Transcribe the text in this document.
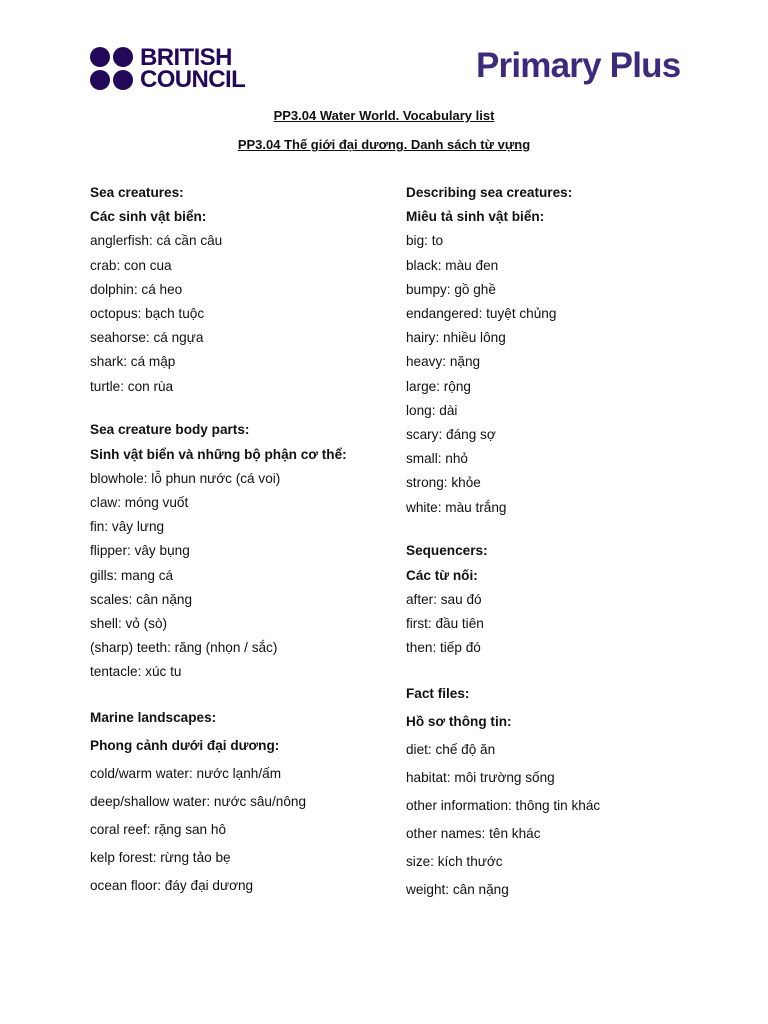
BRITISH
COUNCIL	Primary Plus
PP3.04 Water World. Vocabulary list
PP3.04 Thế giới đại dương. Danh sách từ vựng
Sea creatures:
Các sinh vật biển:
anglerfish: cá cần câu
crab: con cua
dolphin: cá heo
octopus: bạch tuộc
seahorse: cá ngựa
shark: cá mập
turtle: con rùa
Sea creature body parts:
Sinh vật biển và những bộ phận cơ thể:
blowhole: lỗ phun nước (cá voi)
claw: móng vuốt
fin: vây lưng
flipper: vây bụng
gills: mang cá
scales: cân nặng
shell: vỏ (sò)
(sharp) teeth: răng (nhọn / sắc)
tentacle: xúc tu
Marine landscapes:
Phong cảnh dưới đại dương:
cold/warm water: nước lạnh/ấm
deep/shallow water: nước sâu/nông
coral reef: rặng san hô
kelp forest: rừng tảo bẹ
ocean floor: đáy đại dương
Describing sea creatures:
Miêu tả sinh vật biển:
big: to
black: màu đen
bumpy: gồ ghề
endangered: tuyệt chủng
hairy: nhiều lông
heavy: nặng
large: rộng
long: dài
scary: đáng sợ
small: nhỏ
strong: khỏe
white: màu trắng
Sequencers:
Các từ nối:
after: sau đó
first: đầu tiên
then: tiếp đó
Fact files:
Hồ sơ thông tin:
diet: chế độ ăn
habitat: môi trường sống
other information: thông tin khác
other names: tên khác
size: kích thước
weight: cân nặng
